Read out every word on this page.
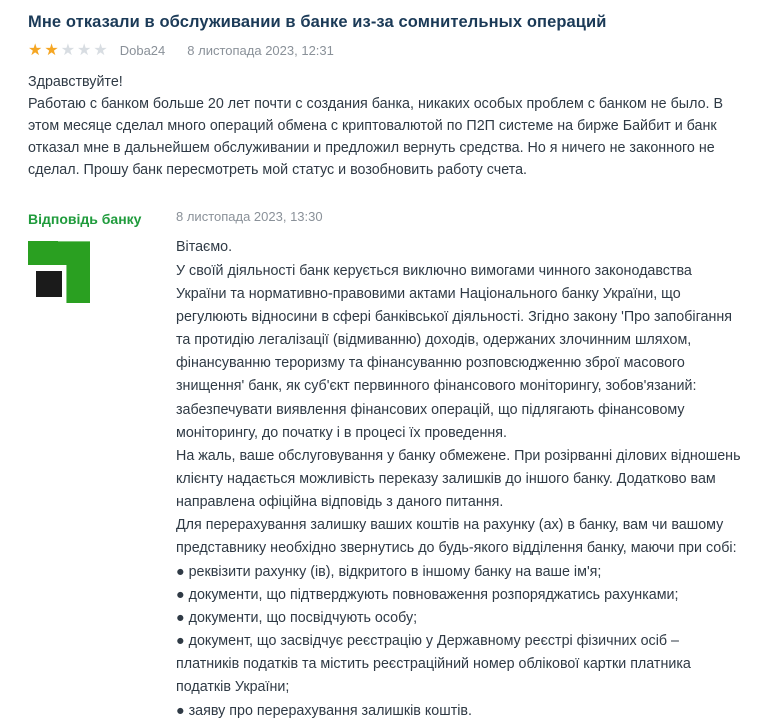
Мне отказали в обслуживании в банке из-за сомнительных операций
★ ★ ★ ★ ★ Doba24 8 листопада 2023, 12:31

Здравствуйте!

Работаю с банком больше 20 лет почти с создания банка, никаких особых проблем с банком не было. В этом месяце сделал много операций обмена с криптовалютой по П2П системе на бирже Байбит и банк отказал мне в дальнейшем обслуживании и предложил вернуть средства. Но я ничего не законного не сделал. Прошу банк пересмотреть мой статус и возобновить работу счета.

Відповідь банку	8 листопада 2023, 13:30

Вітаємо.

У своїй діяльності банк керується виключно вимогами чинного законодавства України та нормативно-правовими актами Національного банку України, що регулюють відносини в сфері банківської діяльності. Згідно закону 'Про запобігання та протидію легалізації (відмиванню) доходів, одержаних злочинним шляхом, фінансуванню тероризму та фінансуванню розповсюдженню зброї масового знищення' банк, як суб'єкт первинного фінансового моніторингу, зобов'язаний: забезпечувати виявлення фінансових операцій, що підлягають фінансовому моніторингу, до початку і в процесі їх проведення.

На жаль, ваше обслуговування у банку обмежене. При розірванні ділових відношень клієнту надається можливість переказу залишків до іншого банку. Додатково вам направлена офіційна відповідь з даного питання.

Для перерахування залишку ваших коштів на рахунку (ах) в банку, вам чи вашому представнику необхідно звернутись до будь-якого відділення банку, маючи при собі:

● реквізити рахунку (ів), відкритого в іншому банку на ваше ім'я;

● документи, що підтверджують повноваження розпоряджатись рахунками;

● документи, що посвідчують особу;

● документ, що засвідчує реєстрацію у Державному реєстрі фізичних осіб – платників податків та містить реєстраційний номер облікової картки платника податків України;

● заяву про перерахування залишків коштів.
